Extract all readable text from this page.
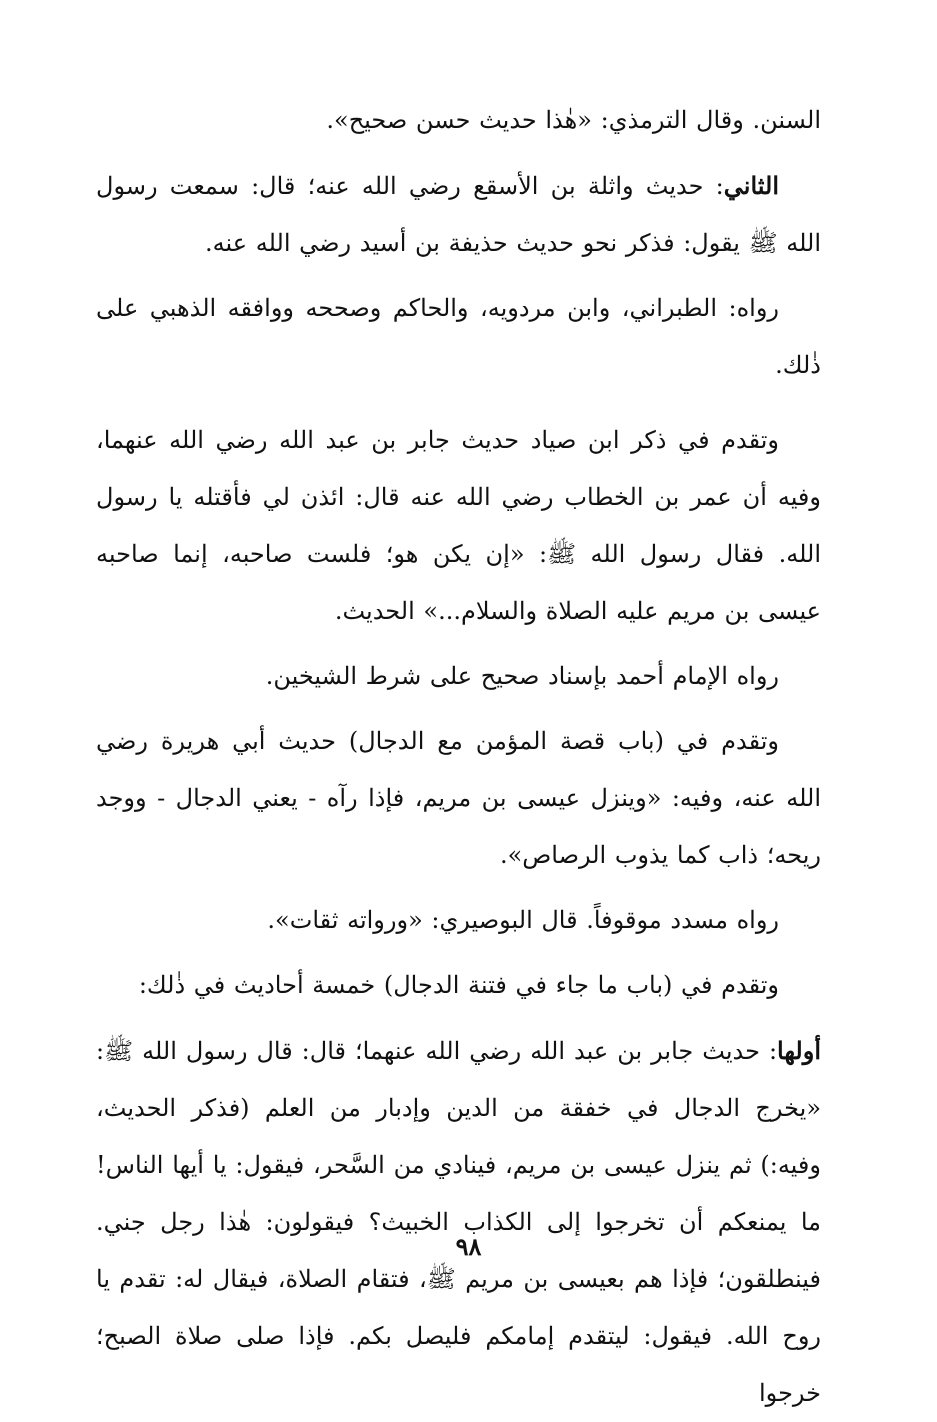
السنن. وقال الترمذي: «هٰذا حديث حسن صحيح».

الثاني: حديث واثلة بن الأسقع رضي الله عنه؛ قال: سمعت رسول الله ﷺ يقول: فذكر نحو حديث حذيفة بن أسيد رضي الله عنه.

رواه: الطبراني، وابن مردويه، والحاكم وصححه ووافقه الذهبي على ذٰلك.

وتقدم في ذكر ابن صياد حديث جابر بن عبد الله رضي الله عنهما، وفيه أن عمر بن الخطاب رضي الله عنه قال: ائذن لي فأقتله يا رسول الله. فقال رسول الله ﷺ: «إن يكن هو؛ فلست صاحبه، إنما صاحبه عيسى بن مريم عليه الصلاة والسلام...» الحديث.

رواه الإمام أحمد بإسناد صحيح على شرط الشيخين.

وتقدم في (باب قصة المؤمن مع الدجال) حديث أبي هريرة رضي الله عنه، وفيه: «وينزل عيسى بن مريم، فإذا رآه - يعني الدجال - ووجد ريحه؛ ذاب كما يذوب الرصاص».

رواه مسدد موقوفاً. قال البوصيري: «ورواته ثقات».

وتقدم في (باب ما جاء في فتنة الدجال) خمسة أحاديث في ذٰلك:

أولها: حديث جابر بن عبد الله رضي الله عنهما؛ قال: قال رسول الله ﷺ: «يخرج الدجال في خفقة من الدين وإدبار من العلم (فذكر الحديث، وفيه:) ثم ينزل عيسى بن مريم، فينادي من السَّحر، فيقول: يا أيها الناس! ما يمنعكم أن تخرجوا إلى الكذاب الخبيث؟ فيقولون: هٰذا رجل جني. فينطلقون؛ فإذا هم بعيسى بن مريم ﷺ، فتقام الصلاة، فيقال له: تقدم يا روح الله. فيقول: ليتقدم إمامكم فليصل بكم. فإذا صلى صلاة الصبح؛ خرجوا

٩٨
